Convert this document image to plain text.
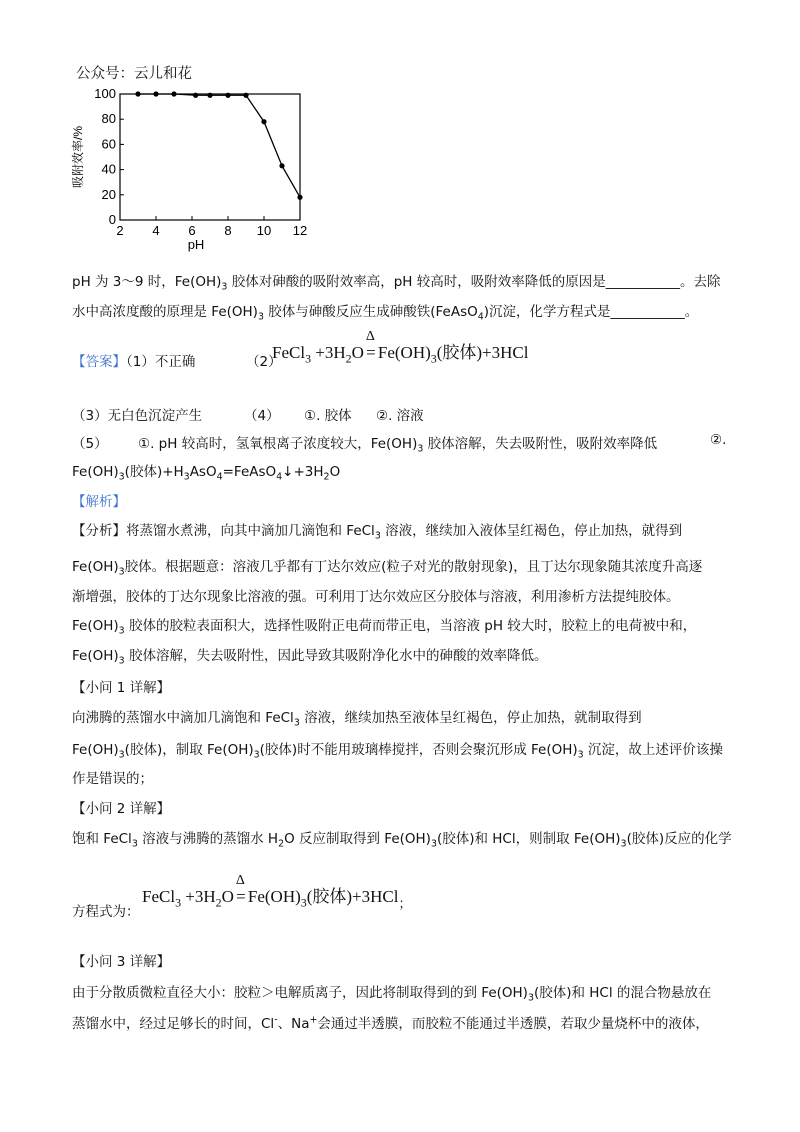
公众号：云儿和花
2 4 6 8 10 12
0
20
40
60
80
100
pH
吸附效率/%
pH 为 3～9 时，$Fe(OH)_3$ 胶体对砷酸的吸附效率高，pH 较高时，吸附效率降低的原因是___________。去除
水中高浓度酸的原理是 $Fe(OH)_3$ 胶体与砷酸反应生成砷酸铁(FeAsO$_4$)沉淀，化学方程式是___________。
【答案】（1）不正确	（2）
FeCl$_3$ $+3H_2O$
Δ
= $Fe(OH)_3$(胶体)+3HCl
（3）无白色沉淀产生	（4） ①. 胶体 ②. 溶液
（5） ①. pH 较高时，氢氧根离子浓度较大，$Fe(OH)_3$ 胶体溶解，失去吸附性，吸附效率降低	②.
$Fe(OH)_3$(胶体)$+H_3AsO_4=FeAsO_4↓+3H_2O$
【解析】
【分析】将蒸馏水煮沸，向其中滴加几滴饱和 FeCl$_3$ 溶液，继续加入液体呈红褐色，停止加热，就得到
$Fe(OH)_3$胶体。根据题意：溶液几乎都有丁达尔效应(粒子对光的散射现象)，且丁达尔现象随其浓度升高逐
渐增强，胶体的丁达尔现象比溶液的强。可利用丁达尔效应区分胶体与溶液，利用渗析方法提纯胶体。
$Fe(OH)_3$ 胶体的胶粒表面积大，选择性吸附正电荷而带正电，当溶液 pH 较大时，胶粒上的电荷被中和，
$Fe(OH)_3$ 胶体溶解，失去吸附性，因此导致其吸附净化水中的砷酸的效率降低。
【小问 1 详解】
向沸腾的蒸馏水中滴加几滴饱和 FeCl$_3$ 溶液，继续加热至液体呈红褐色，停止加热，就制取得到
$Fe(OH)_3$(胶体)，制取 $Fe(OH)_3$(胶体)时不能用玻璃棒搅拌，否则会聚沉形成 $Fe(OH)_3$ 沉淀，故上述评价该操
作是错误的；
【小问 2 详解】
饱和 FeCl$_3$ 溶液与沸腾的蒸馏水 $H_2O$ 反应制取得到 $Fe(OH)_3$(胶体)和 HCl，则制取 $Fe(OH)_3$(胶体)反应的化学
方程式为：
FeCl$_3$ $+3H_2O$
Δ
= $Fe(OH)_3$(胶体)+3HCl$_;$
【小问 3 详解】
由于分散质微粒直径大小：胶粒＞电解质离子，因此将制取得到的到 $Fe(OH)_3$(胶体)和 HCl 的混合物悬放在
蒸馏水中，经过足够长的时间，Cl-、Na+会通过半透膜，而胶粒不能通过半透膜，若取少量烧杯中的液体，
